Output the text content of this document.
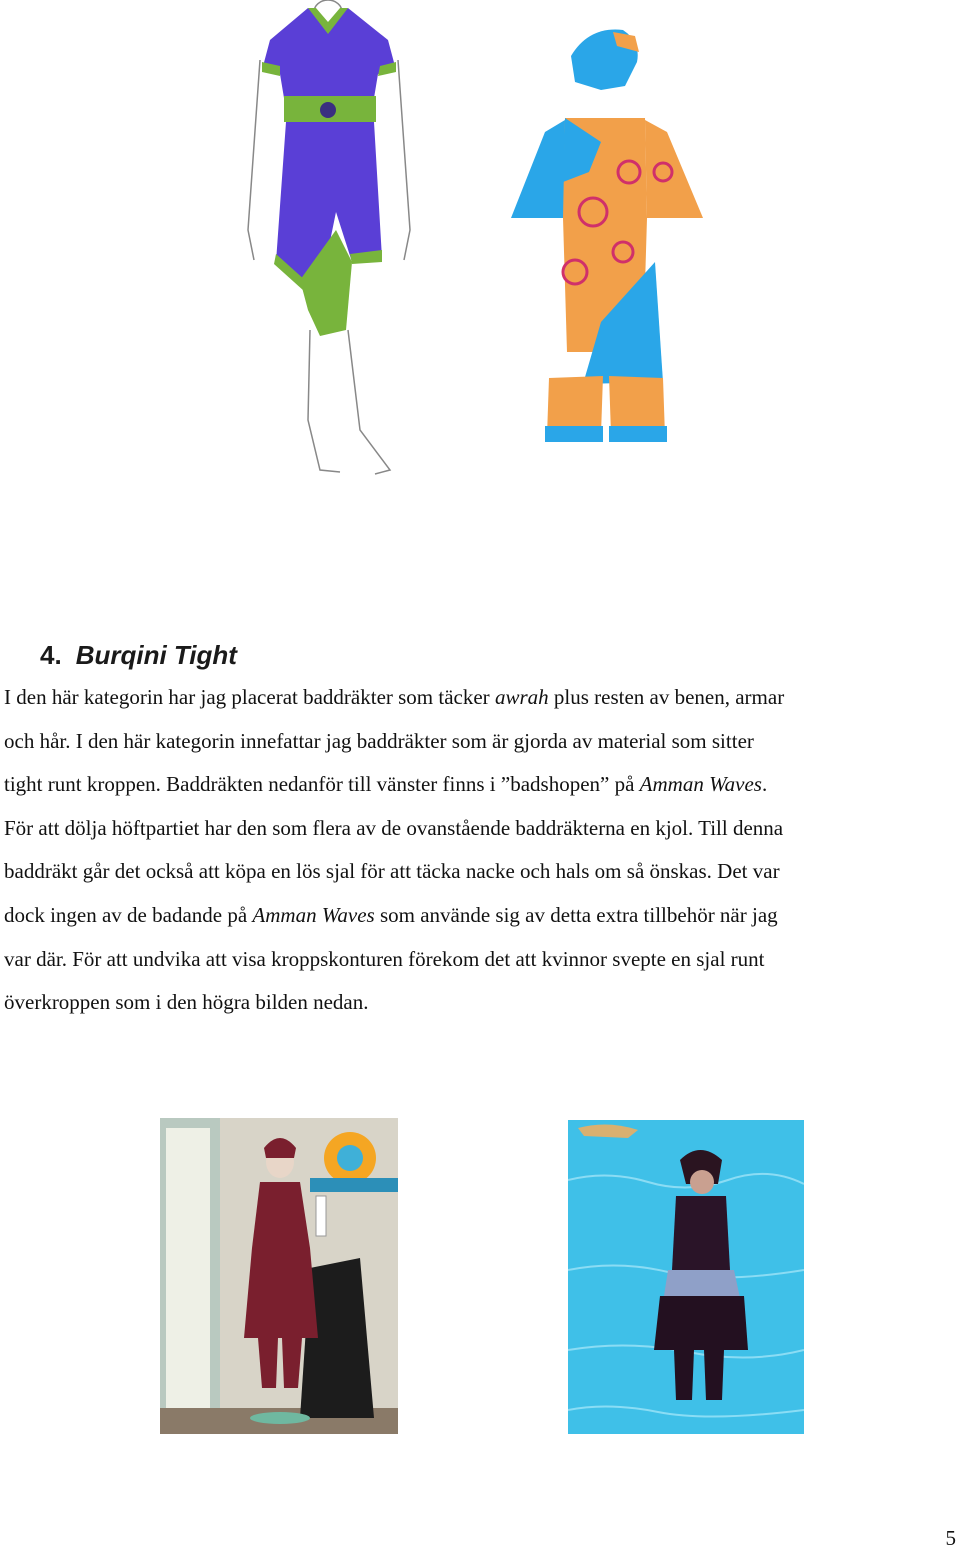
4. Burqini Tight
I den här kategorin har jag placerat baddräkter som täcker awrah plus resten av benen, armar
och hår. I den här kategorin innefattar jag baddräkter som är gjorda av material som sitter
tight runt kroppen. Baddräkten nedanför till vänster finns i ”badshopen” på Amman Waves.
För att dölja höftpartiet har den som flera av de ovanstående baddräkterna en kjol. Till denna
baddräkt går det också att köpa en lös sjal för att täcka nacke och hals om så önskas. Det var
dock ingen av de badande på Amman Waves som använde sig av detta extra tillbehör när jag
var där. För att undvika att visa kroppskonturen förekom det att kvinnor svepte en sjal runt
överkroppen som i den högra bilden nedan.
5
